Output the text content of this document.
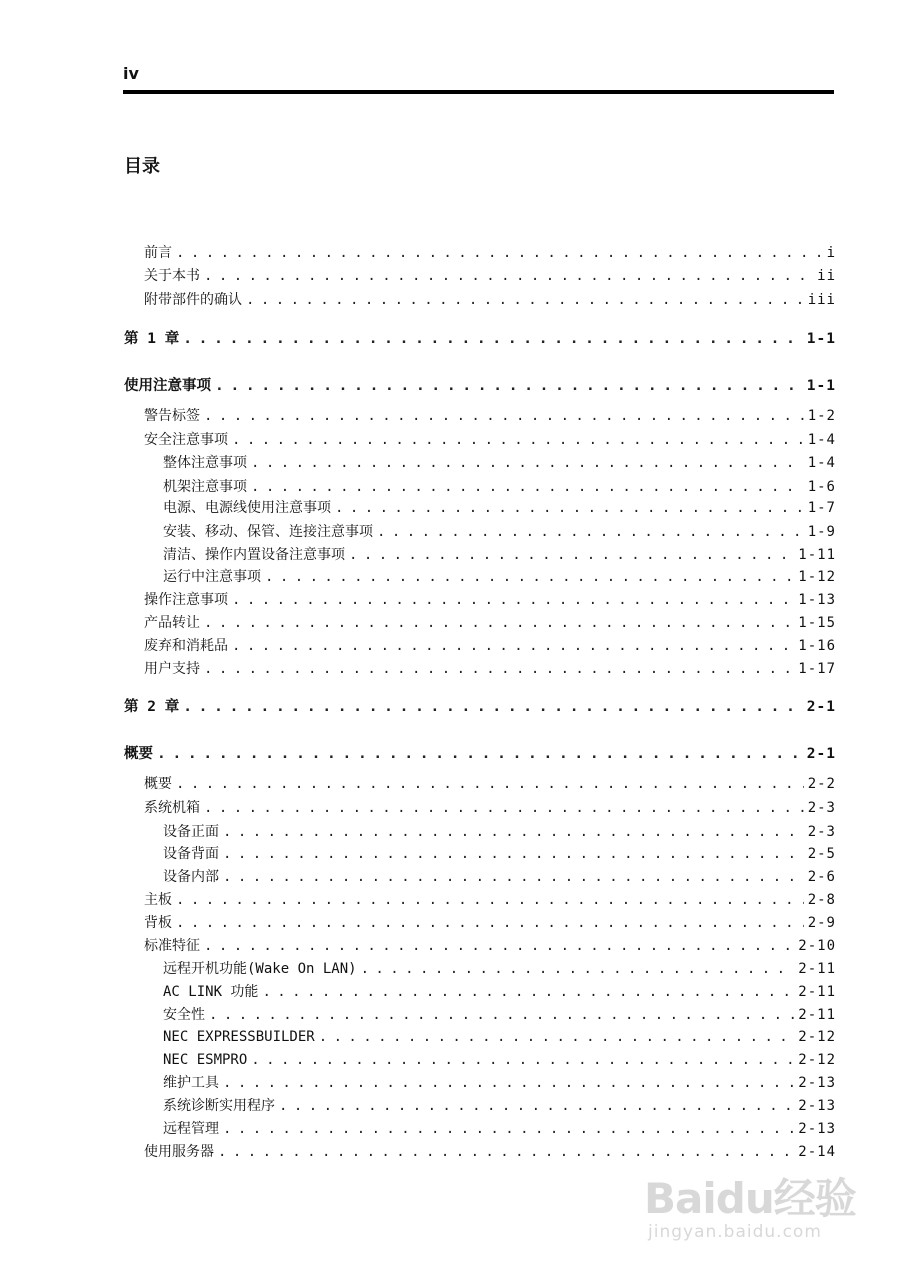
iv
目录
前言 . . .	i
关于本书 . . .	ii
附带部件的确认 . . .	iii
第 1 章 . . .	1-1
使用注意事项 . . .	1-1
警告标签 . . .	1-2
安全注意事项 . . .	1-4
整体注意事项 . . .	1-4
机架注意事项 . . .	1-6
电源、电源线使用注意事项 . . .	1-7
安装、移动、保管、连接注意事项 . . .	1-9
清洁、操作内置设备注意事项 . . .	1-11
运行中注意事项 . . .	1-12
操作注意事项 . . .	1-13
产品转让 . . .	1-15
废弃和消耗品 . . .	1-16
用户支持 . . .	1-17
第 2 章 . . .	2-1
概要 . . .	2-1
概要 . . .	2-2
系统机箱 . . .	2-3
设备正面 . . .	2-3
设备背面 . . .	2-5
设备内部 . . .	2-6
主板 . . .	2-8
背板 . . .	2-9
标准特征 . . .	2-10
远程开机功能(Wake On LAN) . . .	2-11
AC LINK 功能 . . .	2-11
安全性 . . .	2-11
NEC EXPRESSBUILDER . . .	2-12
NEC ESMPRO . . .	2-12
维护工具 . . .	2-13
系统诊断实用程序 . . .	2-13
远程管理 . . .	2-13
使用服务器 . . .	2-14
Baidu经验
jingyan.baidu.com
